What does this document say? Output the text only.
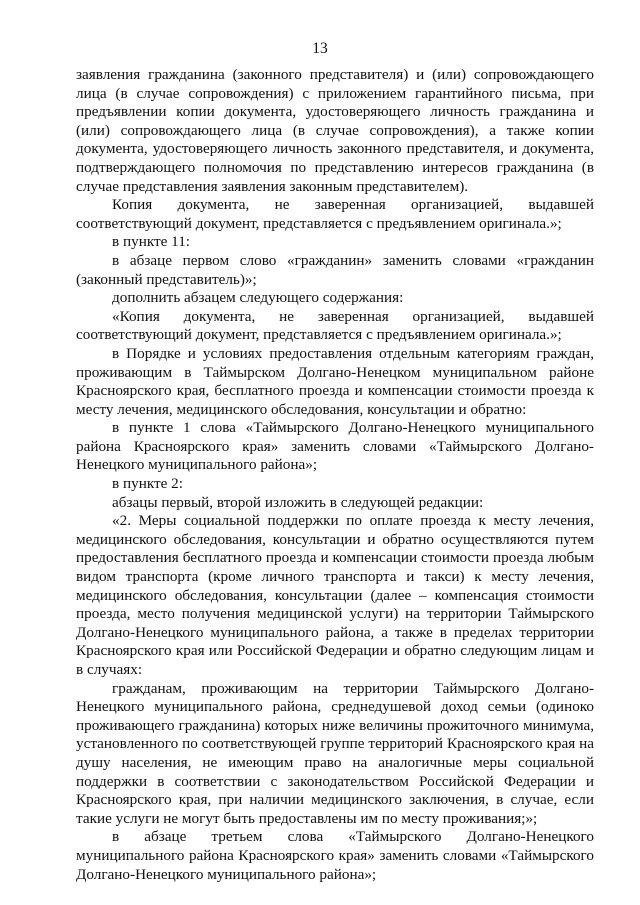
13

заявления гражданина (законного представителя) и (или) сопровождающего лица (в случае сопровождения) с приложением гарантийного письма, при предъявлении копии документа, удостоверяющего личность гражданина и (или) сопровождающего лица (в случае сопровождения), а также копии документа, удостоверяющего личность законного представителя, и документа, подтверждающего полномочия по представлению интересов гражданина (в случае представления заявления законным представителем).

Копия документа, не заверенная организацией, выдавшей соответствующий документ, представляется с предъявлением оригинала.»;

в пункте 11:

в абзаце первом слово «гражданин» заменить словами «гражданин (законный представитель)»;

дополнить абзацем следующего содержания:

«Копия документа, не заверенная организацией, выдавшей соответствующий документ, представляется с предъявлением оригинала.»;

в Порядке и условиях предоставления отдельным категориям граждан, проживающим в Таймырском Долгано-Ненецком муниципальном районе Красноярского края, бесплатного проезда и компенсации стоимости проезда к месту лечения, медицинского обследования, консультации и обратно:

в пункте 1 слова «Таймырского Долгано-Ненецкого муниципального района Красноярского края» заменить словами «Таймырского Долгано-Ненецкого муниципального района»;

в пункте 2:

абзацы первый, второй изложить в следующей редакции:

«2. Меры социальной поддержки по оплате проезда к месту лечения, медицинского обследования, консультации и обратно осуществляются путем предоставления бесплатного проезда и компенсации стоимости проезда любым видом транспорта (кроме личного транспорта и такси) к месту лечения, медицинского обследования, консультации (далее – компенсация стоимости проезда, место получения медицинской услуги) на территории Таймырского Долгано-Ненецкого муниципального района, а также в пределах территории Красноярского края или Российской Федерации и обратно следующим лицам и в случаях:

гражданам, проживающим на территории Таймырского Долгано-Ненецкого муниципального района, среднедушевой доход семьи (одиноко проживающего гражданина) которых ниже величины прожиточного минимума, установленного по соответствующей группе территорий Красноярского края на душу населения, не имеющим право на аналогичные меры социальной поддержки в соответствии с законодательством Российской Федерации и Красноярского края, при наличии медицинского заключения, в случае, если такие услуги не могут быть предоставлены им по месту проживания;»;

в абзаце третьем слова «Таймырского Долгано-Ненецкого муниципального района Красноярского края» заменить словами «Таймырского Долгано-Ненецкого муниципального района»;
